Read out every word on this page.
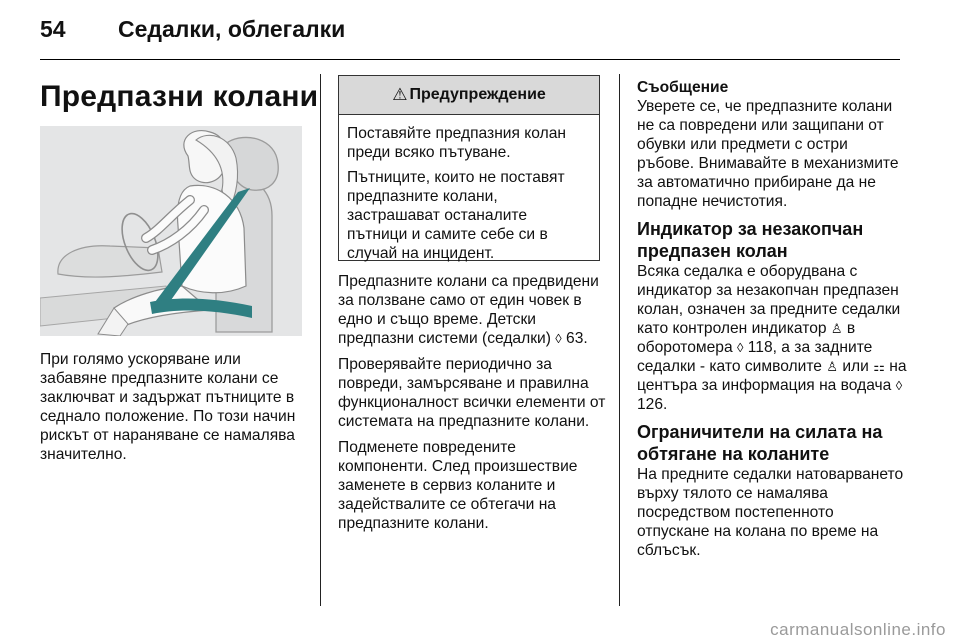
54 Седалки, облегалки
Предпазни колани

При голямо ускоряване или забавяне предпазните колани се заключват и задържат пътниците в седнало положение. По този начин рискът от нараняване се намалява значително.

⚠ Предупреждение

Поставяйте предпазния колан преди всяко пътуване.

Пътниците, които не поставят предпазните колани, застрашават останалите пътници и самите себе си в случай на инцидент.

Предпазните колани са предвидени за ползване само от един човек в едно и също време. Детски предпазни системи (седалки) ◊ 63.

Проверявайте периодично за повреди, замърсяване и правилна функционалност всички елементи от системата на предпазните колани.

Подменете повредените компоненти. След произшествие заменете в сервиз коланите и задействалите се обтегачи на предпазните колани.

Съобщение

Уверете се, че предпазните колани не са повредени или защипани от обувки или предмети с остри ръбове. Внимавайте в механизмите за автоматично прибиране да не попадне нечистотия.

Индикатор за незакопчан предпазен колан

Всяка седалка е оборудвана с индикатор за незакопчан предпазен колан, означен за предните седалки като контролен индикатор ♙ в оборотомера ◊ 118, а за задните седалки - като символите ♙ или ⚏ на центъра за информация на водача ◊ 126.

Ограничители на силата на обтягане на коланите

На предните седалки натоварването върху тялото се намалява посредством постепенното отпускане на колана по време на сблъсък.

carmanualsonline.info
